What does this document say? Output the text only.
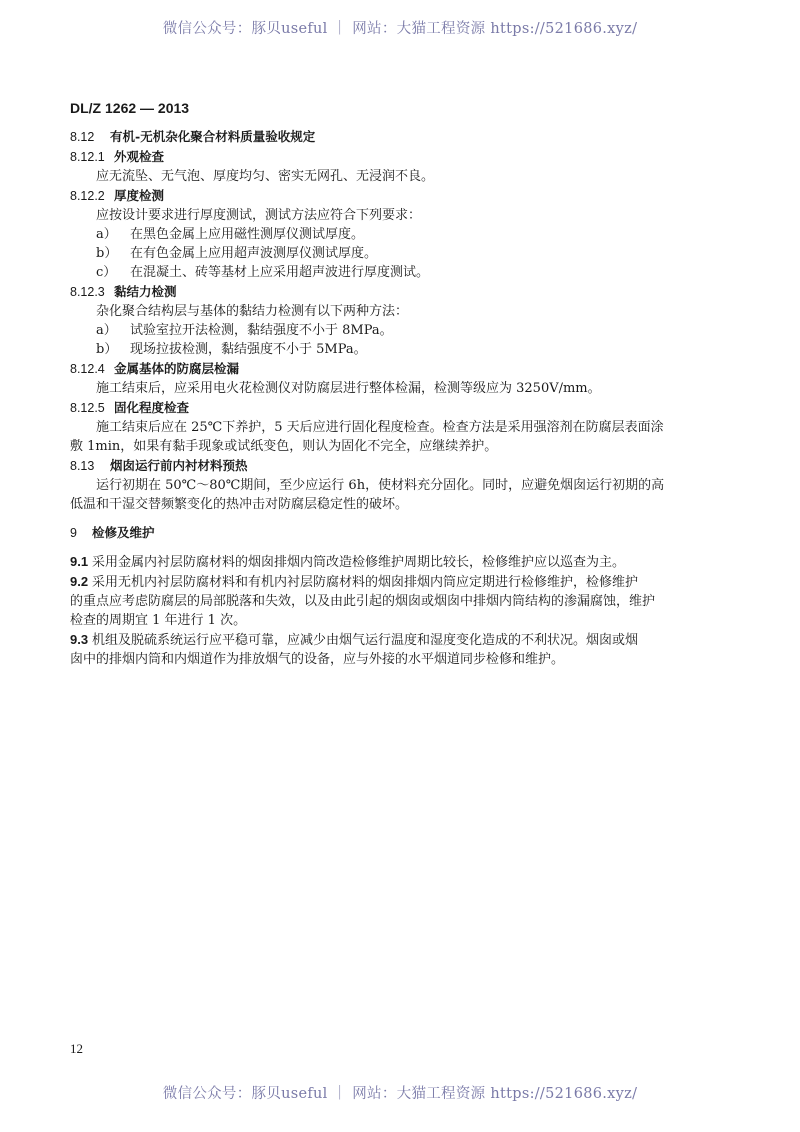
微信公众号：豚贝useful ｜ 网站：大猫工程资源 https://521686.xyz/
DL/Z 1262 — 2013
8.12 有机-无机杂化聚合材料质量验收规定
8.12.1 外观检查
应无流坠、无气泡、厚度均匀、密实无网孔、无浸润不良。
8.12.2 厚度检测
应按设计要求进行厚度测试，测试方法应符合下列要求：
a） 在黑色金属上应用磁性测厚仪测试厚度。
b） 在有色金属上应用超声波测厚仪测试厚度。
c） 在混凝土、砖等基材上应采用超声波进行厚度测试。
8.12.3 黏结力检测
杂化聚合结构层与基体的黏结力检测有以下两种方法：
a） 试验室拉开法检测，黏结强度不小于 8MPa。
b） 现场拉拔检测，黏结强度不小于 5MPa。
8.12.4 金属基体的防腐层检漏
施工结束后，应采用电火花检测仪对防腐层进行整体检漏，检测等级应为 3250V/mm。
8.12.5 固化程度检查
施工结束后应在 25℃下养护，5 天后应进行固化程度检查。检查方法是采用强溶剂在防腐层表面涂
敷 1min，如果有黏手现象或试纸变色，则认为固化不完全，应继续养护。
8.13 烟囱运行前内衬材料预热
运行初期在 50℃～80℃期间，至少应运行 6h，使材料充分固化。同时，应避免烟囱运行初期的高
低温和干湿交替频繁变化的热冲击对防腐层稳定性的破坏。
9 检修及维护
9.1 采用金属内衬层防腐材料的烟囱排烟内筒改造检修维护周期比较长，检修维护应以巡查为主。
9.2 采用无机内衬层防腐材料和有机内衬层防腐材料的烟囱排烟内筒应定期进行检修维护，检修维护
的重点应考虑防腐层的局部脱落和失效，以及由此引起的烟囱或烟囱中排烟内筒结构的渗漏腐蚀，维护
检查的周期宜 1 年进行 1 次。
9.3 机组及脱硫系统运行应平稳可靠，应减少由烟气运行温度和湿度变化造成的不利状况。烟囱或烟
囱中的排烟内筒和内烟道作为排放烟气的设备，应与外接的水平烟道同步检修和维护。
12
微信公众号：豚贝useful ｜ 网站：大猫工程资源 https://521686.xyz/
